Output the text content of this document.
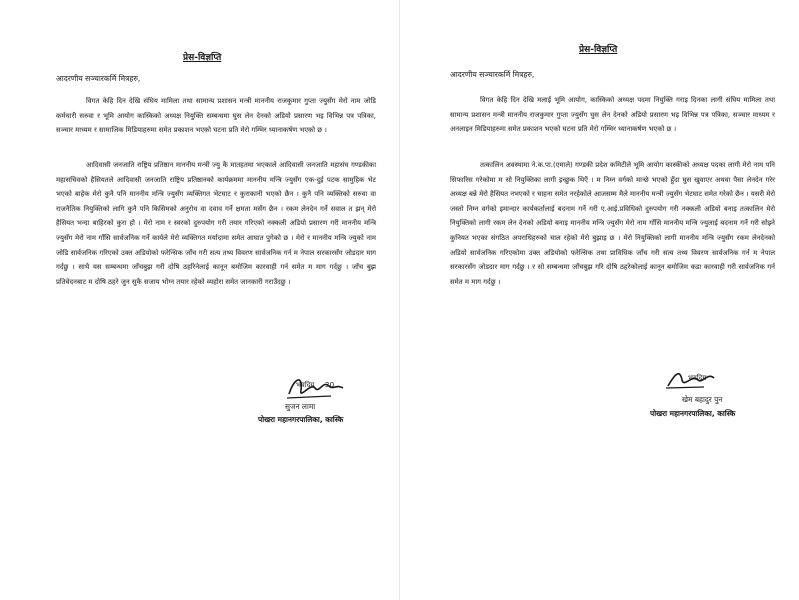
प्रेस-विज्ञप्ति
आदरणीय सञ्चारकर्मि मित्रहरु,

विगत केहि दिन देखि संघिय मामिला तथा सामान्य प्रशासन मन्त्री माननीय राजकुमार गुप्ता ज्युसँग मेरो नाम जोडि कर्मचारी सरुवा र भूमि आयोग कास्किको अध्यक्ष नियुक्ति सम्बन्धमा घुस लेन देनको अडियो प्रसारण भइ विभिन्न पत्र पत्रिका, सञ्चार माध्यम र सामाजिक मिडियाहरुमा समेत प्रकाशन भएको घटना प्रति मेरो गम्भिर ध्यानाकर्षण भएको छ ।

आदिवासी जनजाति राष्ट्रिय प्रतिष्ठान माननीय मन्त्री ज्यु कै मातहतमा भएकाले आदिवासी जनजाति महासंघ गण्डकीका महासचिवको हैसियतले आदिवासी जनजाति राष्ट्रिय प्रतिष्ठानको कार्यक्रममा माननीय मन्त्रि ज्युसँग एक-दुई पटक सामुहिक भेट भएको बाहेक मेरो कुनै पनि माननीय मन्त्रि ज्युसँग व्यक्तिगत भेटघाट र कुराकानी भएको छैन । कुनै पनि व्यक्तिको सरुवा वा राजनैतिक नियुक्तिको लागि कुनै पनि किसिमको अनुरोध वा दवाव गर्ने क्षमता मसँग छैन । रकम लेनदेन गर्ने सवाल त झन् मेरो हैसियत भन्दा बाहिरको कुरा हो । मेरो नाम र स्वरको दुरुपयोग गरी तयार गरिएको नक्कली अडियो प्रसारण गरी माननीय मन्त्रि ज्युसँग मेरो नाम गाँसि सार्वजनिक गर्ने कार्यले मेरो व्यक्तिगत मर्यादामा समेत आघात पुगेको छ । मेरो र माननीय मन्त्रि ज्युको नाम जोडि सार्वजनिक गरिएको उक्त अडियोको फरेन्सिक जाँच गरी सत्य तथ्य विवरण सार्वजनिक गर्न म नेपाल सरकारसँग जोडदार माग गर्दछु । साथै यस सम्बन्धमा जाँचबुझ गरी दोषि ठहरिनेलाई कानून बमोजिम कारवाही गर्न समेत म माग गर्दछु । जाँच बुझ प्रतिवेदनबाट म दोषि ठहरे जुन सुकै सजाय भोग्न तयार रहेको व्यहोरा समेत जानकारी गराउँदछु ।

भवदिय 30
सुजन लामा
पोखरा महानगरपालिका, कास्कि
प्रेस-विज्ञप्ति
आदरणीय सञ्चारकर्मि मित्रहरु,

विगत केहि दिन देखि मलाई भूमि आयोग, कास्किको अध्यक्ष पदमा नियुक्ति गराइ दिनका लागी संघिय मामिला तथा सामान्य प्रशासन मन्त्री माननीय राजकुमार गुप्ता ज्युसँग घुस लेन देनको अडियो प्रसारण भइ विभिन्न पत्र पत्रिका, सञ्चार माध्यम र अनलाइन मिडियाहरुमा समेत प्रकाशन भएको घटना प्रति मेरो गम्भिर ध्यानाकर्षण भएको छ ।

तत्कालिन अवस्थामा ने.क.पा.(एमाले) गण्डकी प्रदेश कमिटीले भूमि आयोग कास्कीको अध्यक्ष पदका लागी मेरो नाम पनि सिफारिस गरेकोमा म सो नियुक्तिका लागी इच्छुक थिएँ । म निम्न वर्गको मान्छे भएको हुँदा घुस खुवाएर अथवा पैसा लेनदेन गरेर अध्यक्ष बन्ने मेरो हैसियत नभएको र चाहना समेत नरहेकोले आजसम्म मैले माननीय मन्त्री ज्युसँग भेटघाट समेत गरेको छैन । यसरी मेरो जस्तो निम्न वर्गको इमान्दार कार्यकर्तालाई बदनाम गर्ने गरी ए.आई.प्रविधिको दुरुपयोग गरी नक्कली अडियो बनाइ तत्कालिन मेरो नियुक्तिको लागी रकम लेन देनको अडियो बनाइ माननीय मन्त्रि ज्युसँग मेरो नाम गाँसि माननीय मन्त्रि ज्युलाई बदनाम गर्ने गरी सोझ्ने कुनियत भएका संगठित अपराधिहरुको चाल रहेको मेरो बुझाइ छ । मेरो नियुक्तिको लागी माननीय मन्त्रि ज्युसँग रकम लेनदेनको अडियो सार्वजनिक गरिएकोमा उक्त अडियोको फरेन्सिक तथा प्राविधिक जाँच गरी सत्य तथ्य विवरण सार्वजनिक गर्न म नेपाल सरकारसँग जोडदार माग गर्दछु । र सो सम्बन्धमा जाँचबुझ गरि दोषि ठहरेकोलाई कानून बमोजिम कडा कारवाही गरी सार्वजनिक गर्न समेत म माग गर्दछु ।

भवदिय
खेम बहादुर पुन
पोखरा महानगरपालिका, कास्कि
